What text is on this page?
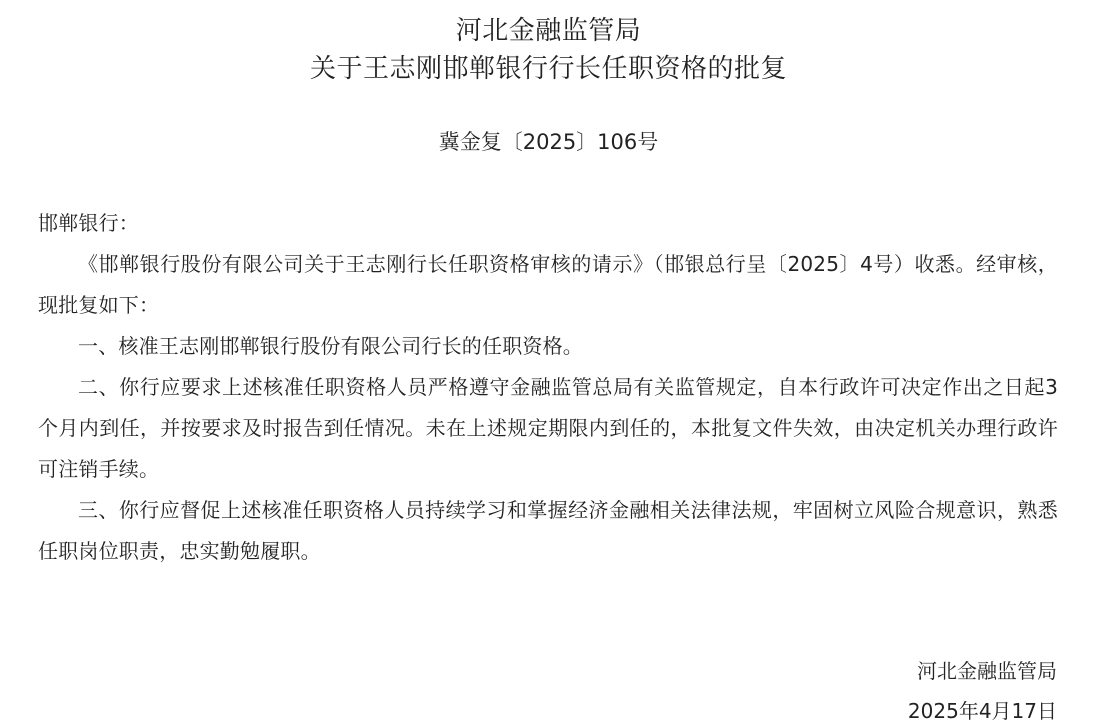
河北金融监管局
关于王志刚邯郸银行行长任职资格的批复
冀金复〔2025〕106号

邯郸银行：

《邯郸银行股份有限公司关于王志刚行长任职资格审核的请示》（邯银总行呈〔2025〕4号）收悉。经审核，现批复如下：

一、核准王志刚邯郸银行股份有限公司行长的任职资格。

二、你行应要求上述核准任职资格人员严格遵守金融监管总局有关监管规定，自本行政许可决定作出之日起3个月内到任，并按要求及时报告到任情况。未在上述规定期限内到任的，本批复文件失效，由决定机关办理行政许可注销手续。

三、你行应督促上述核准任职资格人员持续学习和掌握经济金融相关法律法规，牢固树立风险合规意识，熟悉任职岗位职责，忠实勤勉履职。

河北金融监管局
2025年4月17日
